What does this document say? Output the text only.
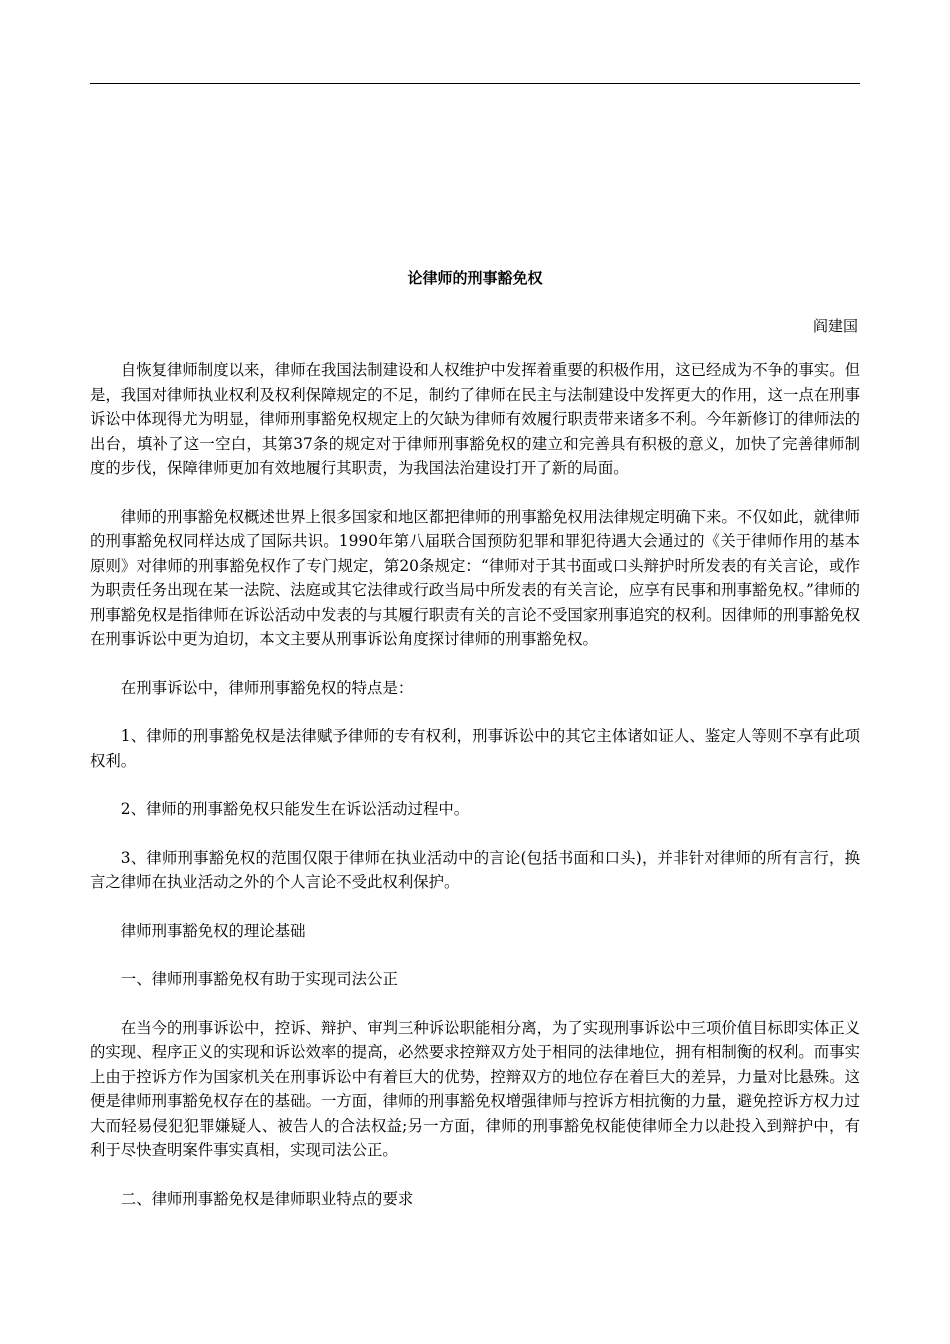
论律师的刑事豁免权
阎建国

自恢复律师制度以来，律师在我国法制建设和人权维护中发挥着重要的积极作用，这已经成为不争的事实。但是，我国对律师执业权利及权利保障规定的不足，制约了律师在民主与法制建设中发挥更大的作用，这一点在刑事诉讼中体现得尤为明显，律师刑事豁免权规定上的欠缺为律师有效履行职责带来诸多不利。今年新修订的律师法的出台，填补了这一空白，其第37条的规定对于律师刑事豁免权的建立和完善具有积极的意义，加快了完善律师制度的步伐，保障律师更加有效地履行其职责，为我国法治建设打开了新的局面。

律师的刑事豁免权概述世界上很多国家和地区都把律师的刑事豁免权用法律规定明确下来。不仅如此，就律师的刑事豁免权同样达成了国际共识。1990年第八届联合国预防犯罪和罪犯待遇大会通过的《关于律师作用的基本原则》对律师的刑事豁免权作了专门规定，第20条规定：“律师对于其书面或口头辩护时所发表的有关言论，或作为职责任务出现在某一法院、法庭或其它法律或行政当局中所发表的有关言论，应享有民事和刑事豁免权。”律师的刑事豁免权是指律师在诉讼活动中发表的与其履行职责有关的言论不受国家刑事追究的权利。因律师的刑事豁免权在刑事诉讼中更为迫切，本文主要从刑事诉讼角度探讨律师的刑事豁免权。

在刑事诉讼中，律师刑事豁免权的特点是：

1、律师的刑事豁免权是法律赋予律师的专有权利，刑事诉讼中的其它主体诸如证人、鉴定人等则不享有此项权利。

2、律师的刑事豁免权只能发生在诉讼活动过程中。

3、律师刑事豁免权的范围仅限于律师在执业活动中的言论(包括书面和口头)，并非针对律师的所有言行，换言之律师在执业活动之外的个人言论不受此权利保护。

律师刑事豁免权的理论基础

一、律师刑事豁免权有助于实现司法公正

在当今的刑事诉讼中，控诉、辩护、审判三种诉讼职能相分离，为了实现刑事诉讼中三项价值目标即实体正义的实现、程序正义的实现和诉讼效率的提高，必然要求控辩双方处于相同的法律地位，拥有相制衡的权利。而事实上由于控诉方作为国家机关在刑事诉讼中有着巨大的优势，控辩双方的地位存在着巨大的差异，力量对比悬殊。这便是律师刑事豁免权存在的基础。一方面，律师的刑事豁免权增强律师与控诉方相抗衡的力量，避免控诉方权力过大而轻易侵犯犯罪嫌疑人、被告人的合法权益;另一方面，律师的刑事豁免权能使律师全力以赴投入到辩护中，有利于尽快查明案件事实真相，实现司法公正。

二、律师刑事豁免权是律师职业特点的要求
